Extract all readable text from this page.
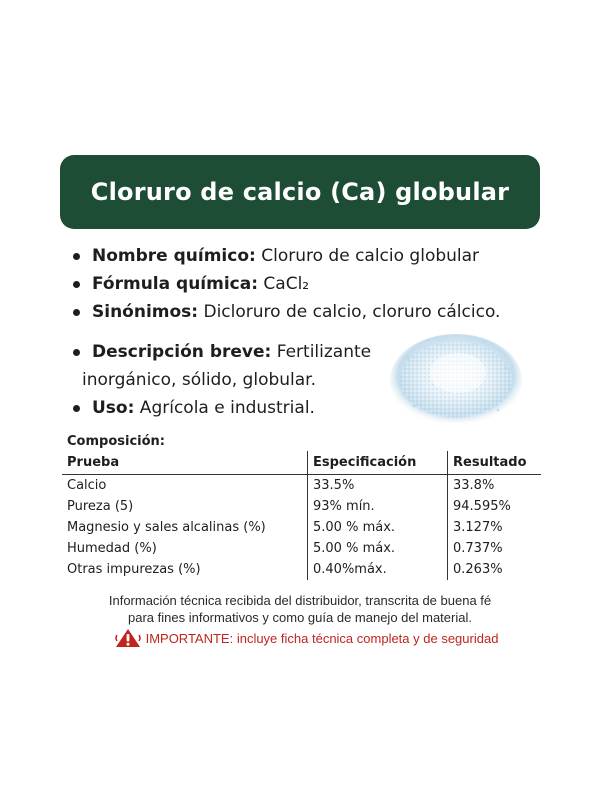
Cloruro de calcio (Ca) globular
Nombre químico: Cloruro de calcio globular
Fórmula química: CaCl₂
Sinónimos: Dicloruro de calcio, cloruro cálcico.
Descripción breve: Fertilizante
inorgánico, sólido, globular.
Uso: Agrícola e industrial.
Composición:
Prueba	Especificación	Resultado
Calcio	33.5%	33.8%
Pureza (5)	93% mín.	94.595%
Magnesio y sales alcalinas (%)	5.00 % máx.	3.127%
Humedad (%)	5.00 % máx.	0.737%
Otras impurezas (%)	0.40%máx.	0.263%
Información técnica recibida del distribuidor, transcrita de buena fé
para fines informativos y como guía de manejo del material.
IMPORTANTE: incluye ficha técnica completa y de seguridad
